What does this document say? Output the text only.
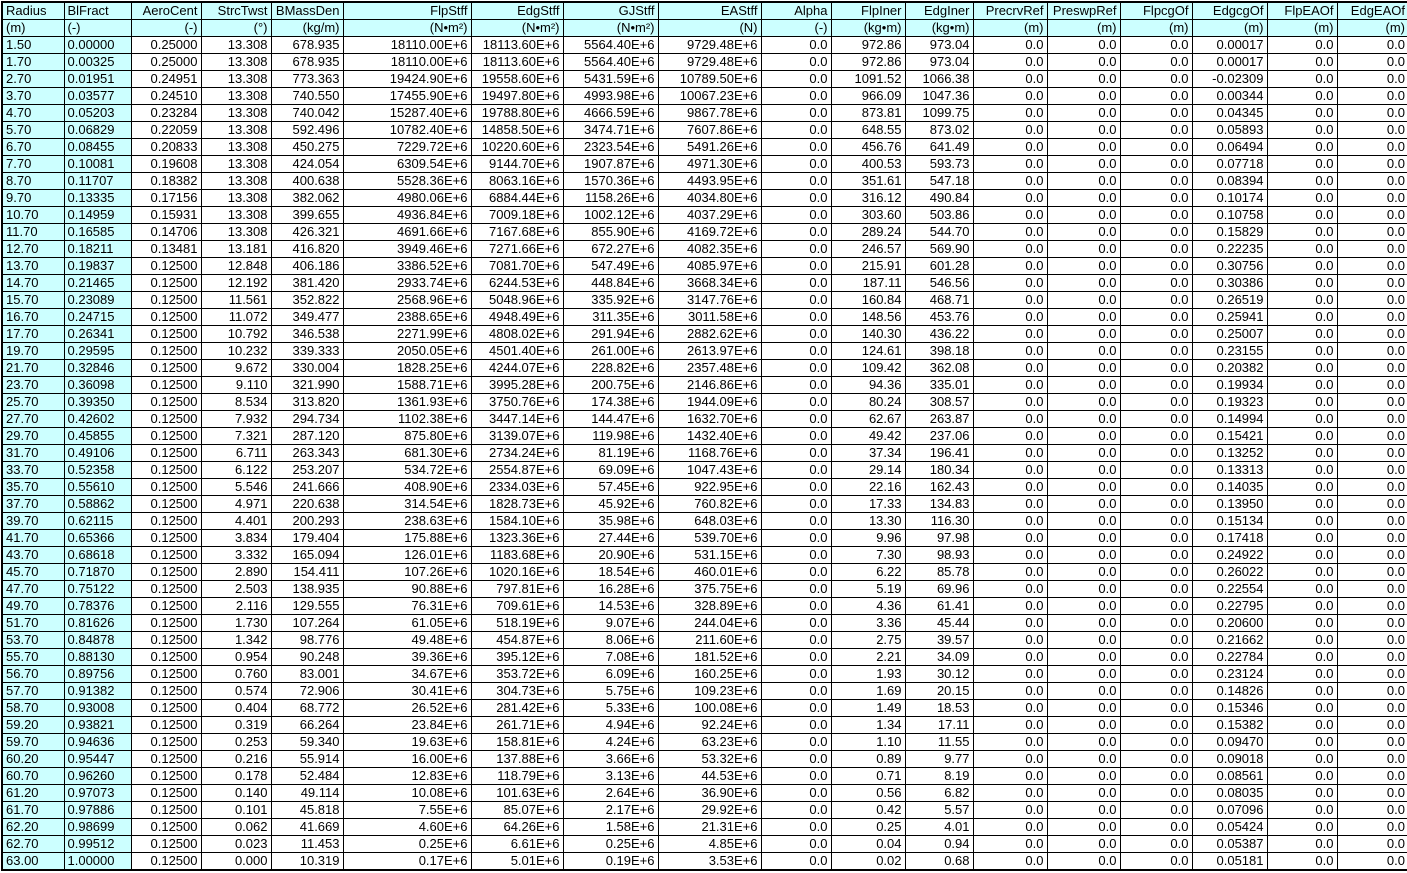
Radius	BlFract	AeroCent	StrcTwst	BMassDen	FlpStff	EdgStff	GJStff	EAStff	Alpha	FlpIner	EdgIner	PrecrvRef	PreswpRef	FlpcgOf	EdgcgOf	FlpEAOf	EdgEAOf
(m)	(-)	(-)	(°)	(kg/m)	(N•m²)	(N•m²)	(N•m²)	(N)	(-)	(kg•m)	(kg•m)	(m)	(m)	(m)	(m)	(m)	(m)
1.50	0.00000	0.25000	13.308	678.935	18110.00E+6	18113.60E+6	5564.40E+6	9729.48E+6	0.0	972.86	973.04	0.0	0.0	0.0	0.00017	0.0	0.0
1.70	0.00325	0.25000	13.308	678.935	18110.00E+6	18113.60E+6	5564.40E+6	9729.48E+6	0.0	972.86	973.04	0.0	0.0	0.0	0.00017	0.0	0.0
2.70	0.01951	0.24951	13.308	773.363	19424.90E+6	19558.60E+6	5431.59E+6	10789.50E+6	0.0	1091.52	1066.38	0.0	0.0	0.0	-0.02309	0.0	0.0
3.70	0.03577	0.24510	13.308	740.550	17455.90E+6	19497.80E+6	4993.98E+6	10067.23E+6	0.0	966.09	1047.36	0.0	0.0	0.0	0.00344	0.0	0.0
4.70	0.05203	0.23284	13.308	740.042	15287.40E+6	19788.80E+6	4666.59E+6	9867.78E+6	0.0	873.81	1099.75	0.0	0.0	0.0	0.04345	0.0	0.0
5.70	0.06829	0.22059	13.308	592.496	10782.40E+6	14858.50E+6	3474.71E+6	7607.86E+6	0.0	648.55	873.02	0.0	0.0	0.0	0.05893	0.0	0.0
6.70	0.08455	0.20833	13.308	450.275	7229.72E+6	10220.60E+6	2323.54E+6	5491.26E+6	0.0	456.76	641.49	0.0	0.0	0.0	0.06494	0.0	0.0
7.70	0.10081	0.19608	13.308	424.054	6309.54E+6	9144.70E+6	1907.87E+6	4971.30E+6	0.0	400.53	593.73	0.0	0.0	0.0	0.07718	0.0	0.0
8.70	0.11707	0.18382	13.308	400.638	5528.36E+6	8063.16E+6	1570.36E+6	4493.95E+6	0.0	351.61	547.18	0.0	0.0	0.0	0.08394	0.0	0.0
9.70	0.13335	0.17156	13.308	382.062	4980.06E+6	6884.44E+6	1158.26E+6	4034.80E+6	0.0	316.12	490.84	0.0	0.0	0.0	0.10174	0.0	0.0
10.70	0.14959	0.15931	13.308	399.655	4936.84E+6	7009.18E+6	1002.12E+6	4037.29E+6	0.0	303.60	503.86	0.0	0.0	0.0	0.10758	0.0	0.0
11.70	0.16585	0.14706	13.308	426.321	4691.66E+6	7167.68E+6	855.90E+6	4169.72E+6	0.0	289.24	544.70	0.0	0.0	0.0	0.15829	0.0	0.0
12.70	0.18211	0.13481	13.181	416.820	3949.46E+6	7271.66E+6	672.27E+6	4082.35E+6	0.0	246.57	569.90	0.0	0.0	0.0	0.22235	0.0	0.0
13.70	0.19837	0.12500	12.848	406.186	3386.52E+6	7081.70E+6	547.49E+6	4085.97E+6	0.0	215.91	601.28	0.0	0.0	0.0	0.30756	0.0	0.0
14.70	0.21465	0.12500	12.192	381.420	2933.74E+6	6244.53E+6	448.84E+6	3668.34E+6	0.0	187.11	546.56	0.0	0.0	0.0	0.30386	0.0	0.0
15.70	0.23089	0.12500	11.561	352.822	2568.96E+6	5048.96E+6	335.92E+6	3147.76E+6	0.0	160.84	468.71	0.0	0.0	0.0	0.26519	0.0	0.0
16.70	0.24715	0.12500	11.072	349.477	2388.65E+6	4948.49E+6	311.35E+6	3011.58E+6	0.0	148.56	453.76	0.0	0.0	0.0	0.25941	0.0	0.0
17.70	0.26341	0.12500	10.792	346.538	2271.99E+6	4808.02E+6	291.94E+6	2882.62E+6	0.0	140.30	436.22	0.0	0.0	0.0	0.25007	0.0	0.0
19.70	0.29595	0.12500	10.232	339.333	2050.05E+6	4501.40E+6	261.00E+6	2613.97E+6	0.0	124.61	398.18	0.0	0.0	0.0	0.23155	0.0	0.0
21.70	0.32846	0.12500	9.672	330.004	1828.25E+6	4244.07E+6	228.82E+6	2357.48E+6	0.0	109.42	362.08	0.0	0.0	0.0	0.20382	0.0	0.0
23.70	0.36098	0.12500	9.110	321.990	1588.71E+6	3995.28E+6	200.75E+6	2146.86E+6	0.0	94.36	335.01	0.0	0.0	0.0	0.19934	0.0	0.0
25.70	0.39350	0.12500	8.534	313.820	1361.93E+6	3750.76E+6	174.38E+6	1944.09E+6	0.0	80.24	308.57	0.0	0.0	0.0	0.19323	0.0	0.0
27.70	0.42602	0.12500	7.932	294.734	1102.38E+6	3447.14E+6	144.47E+6	1632.70E+6	0.0	62.67	263.87	0.0	0.0	0.0	0.14994	0.0	0.0
29.70	0.45855	0.12500	7.321	287.120	875.80E+6	3139.07E+6	119.98E+6	1432.40E+6	0.0	49.42	237.06	0.0	0.0	0.0	0.15421	0.0	0.0
31.70	0.49106	0.12500	6.711	263.343	681.30E+6	2734.24E+6	81.19E+6	1168.76E+6	0.0	37.34	196.41	0.0	0.0	0.0	0.13252	0.0	0.0
33.70	0.52358	0.12500	6.122	253.207	534.72E+6	2554.87E+6	69.09E+6	1047.43E+6	0.0	29.14	180.34	0.0	0.0	0.0	0.13313	0.0	0.0
35.70	0.55610	0.12500	5.546	241.666	408.90E+6	2334.03E+6	57.45E+6	922.95E+6	0.0	22.16	162.43	0.0	0.0	0.0	0.14035	0.0	0.0
37.70	0.58862	0.12500	4.971	220.638	314.54E+6	1828.73E+6	45.92E+6	760.82E+6	0.0	17.33	134.83	0.0	0.0	0.0	0.13950	0.0	0.0
39.70	0.62115	0.12500	4.401	200.293	238.63E+6	1584.10E+6	35.98E+6	648.03E+6	0.0	13.30	116.30	0.0	0.0	0.0	0.15134	0.0	0.0
41.70	0.65366	0.12500	3.834	179.404	175.88E+6	1323.36E+6	27.44E+6	539.70E+6	0.0	9.96	97.98	0.0	0.0	0.0	0.17418	0.0	0.0
43.70	0.68618	0.12500	3.332	165.094	126.01E+6	1183.68E+6	20.90E+6	531.15E+6	0.0	7.30	98.93	0.0	0.0	0.0	0.24922	0.0	0.0
45.70	0.71870	0.12500	2.890	154.411	107.26E+6	1020.16E+6	18.54E+6	460.01E+6	0.0	6.22	85.78	0.0	0.0	0.0	0.26022	0.0	0.0
47.70	0.75122	0.12500	2.503	138.935	90.88E+6	797.81E+6	16.28E+6	375.75E+6	0.0	5.19	69.96	0.0	0.0	0.0	0.22554	0.0	0.0
49.70	0.78376	0.12500	2.116	129.555	76.31E+6	709.61E+6	14.53E+6	328.89E+6	0.0	4.36	61.41	0.0	0.0	0.0	0.22795	0.0	0.0
51.70	0.81626	0.12500	1.730	107.264	61.05E+6	518.19E+6	9.07E+6	244.04E+6	0.0	3.36	45.44	0.0	0.0	0.0	0.20600	0.0	0.0
53.70	0.84878	0.12500	1.342	98.776	49.48E+6	454.87E+6	8.06E+6	211.60E+6	0.0	2.75	39.57	0.0	0.0	0.0	0.21662	0.0	0.0
55.70	0.88130	0.12500	0.954	90.248	39.36E+6	395.12E+6	7.08E+6	181.52E+6	0.0	2.21	34.09	0.0	0.0	0.0	0.22784	0.0	0.0
56.70	0.89756	0.12500	0.760	83.001	34.67E+6	353.72E+6	6.09E+6	160.25E+6	0.0	1.93	30.12	0.0	0.0	0.0	0.23124	0.0	0.0
57.70	0.91382	0.12500	0.574	72.906	30.41E+6	304.73E+6	5.75E+6	109.23E+6	0.0	1.69	20.15	0.0	0.0	0.0	0.14826	0.0	0.0
58.70	0.93008	0.12500	0.404	68.772	26.52E+6	281.42E+6	5.33E+6	100.08E+6	0.0	1.49	18.53	0.0	0.0	0.0	0.15346	0.0	0.0
59.20	0.93821	0.12500	0.319	66.264	23.84E+6	261.71E+6	4.94E+6	92.24E+6	0.0	1.34	17.11	0.0	0.0	0.0	0.15382	0.0	0.0
59.70	0.94636	0.12500	0.253	59.340	19.63E+6	158.81E+6	4.24E+6	63.23E+6	0.0	1.10	11.55	0.0	0.0	0.0	0.09470	0.0	0.0
60.20	0.95447	0.12500	0.216	55.914	16.00E+6	137.88E+6	3.66E+6	53.32E+6	0.0	0.89	9.77	0.0	0.0	0.0	0.09018	0.0	0.0
60.70	0.96260	0.12500	0.178	52.484	12.83E+6	118.79E+6	3.13E+6	44.53E+6	0.0	0.71	8.19	0.0	0.0	0.0	0.08561	0.0	0.0
61.20	0.97073	0.12500	0.140	49.114	10.08E+6	101.63E+6	2.64E+6	36.90E+6	0.0	0.56	6.82	0.0	0.0	0.0	0.08035	0.0	0.0
61.70	0.97886	0.12500	0.101	45.818	7.55E+6	85.07E+6	2.17E+6	29.92E+6	0.0	0.42	5.57	0.0	0.0	0.0	0.07096	0.0	0.0
62.20	0.98699	0.12500	0.062	41.669	4.60E+6	64.26E+6	1.58E+6	21.31E+6	0.0	0.25	4.01	0.0	0.0	0.0	0.05424	0.0	0.0
62.70	0.99512	0.12500	0.023	11.453	0.25E+6	6.61E+6	0.25E+6	4.85E+6	0.0	0.04	0.94	0.0	0.0	0.0	0.05387	0.0	0.0
63.00	1.00000	0.12500	0.000	10.319	0.17E+6	5.01E+6	0.19E+6	3.53E+6	0.0	0.02	0.68	0.0	0.0	0.0	0.05181	0.0	0.0
